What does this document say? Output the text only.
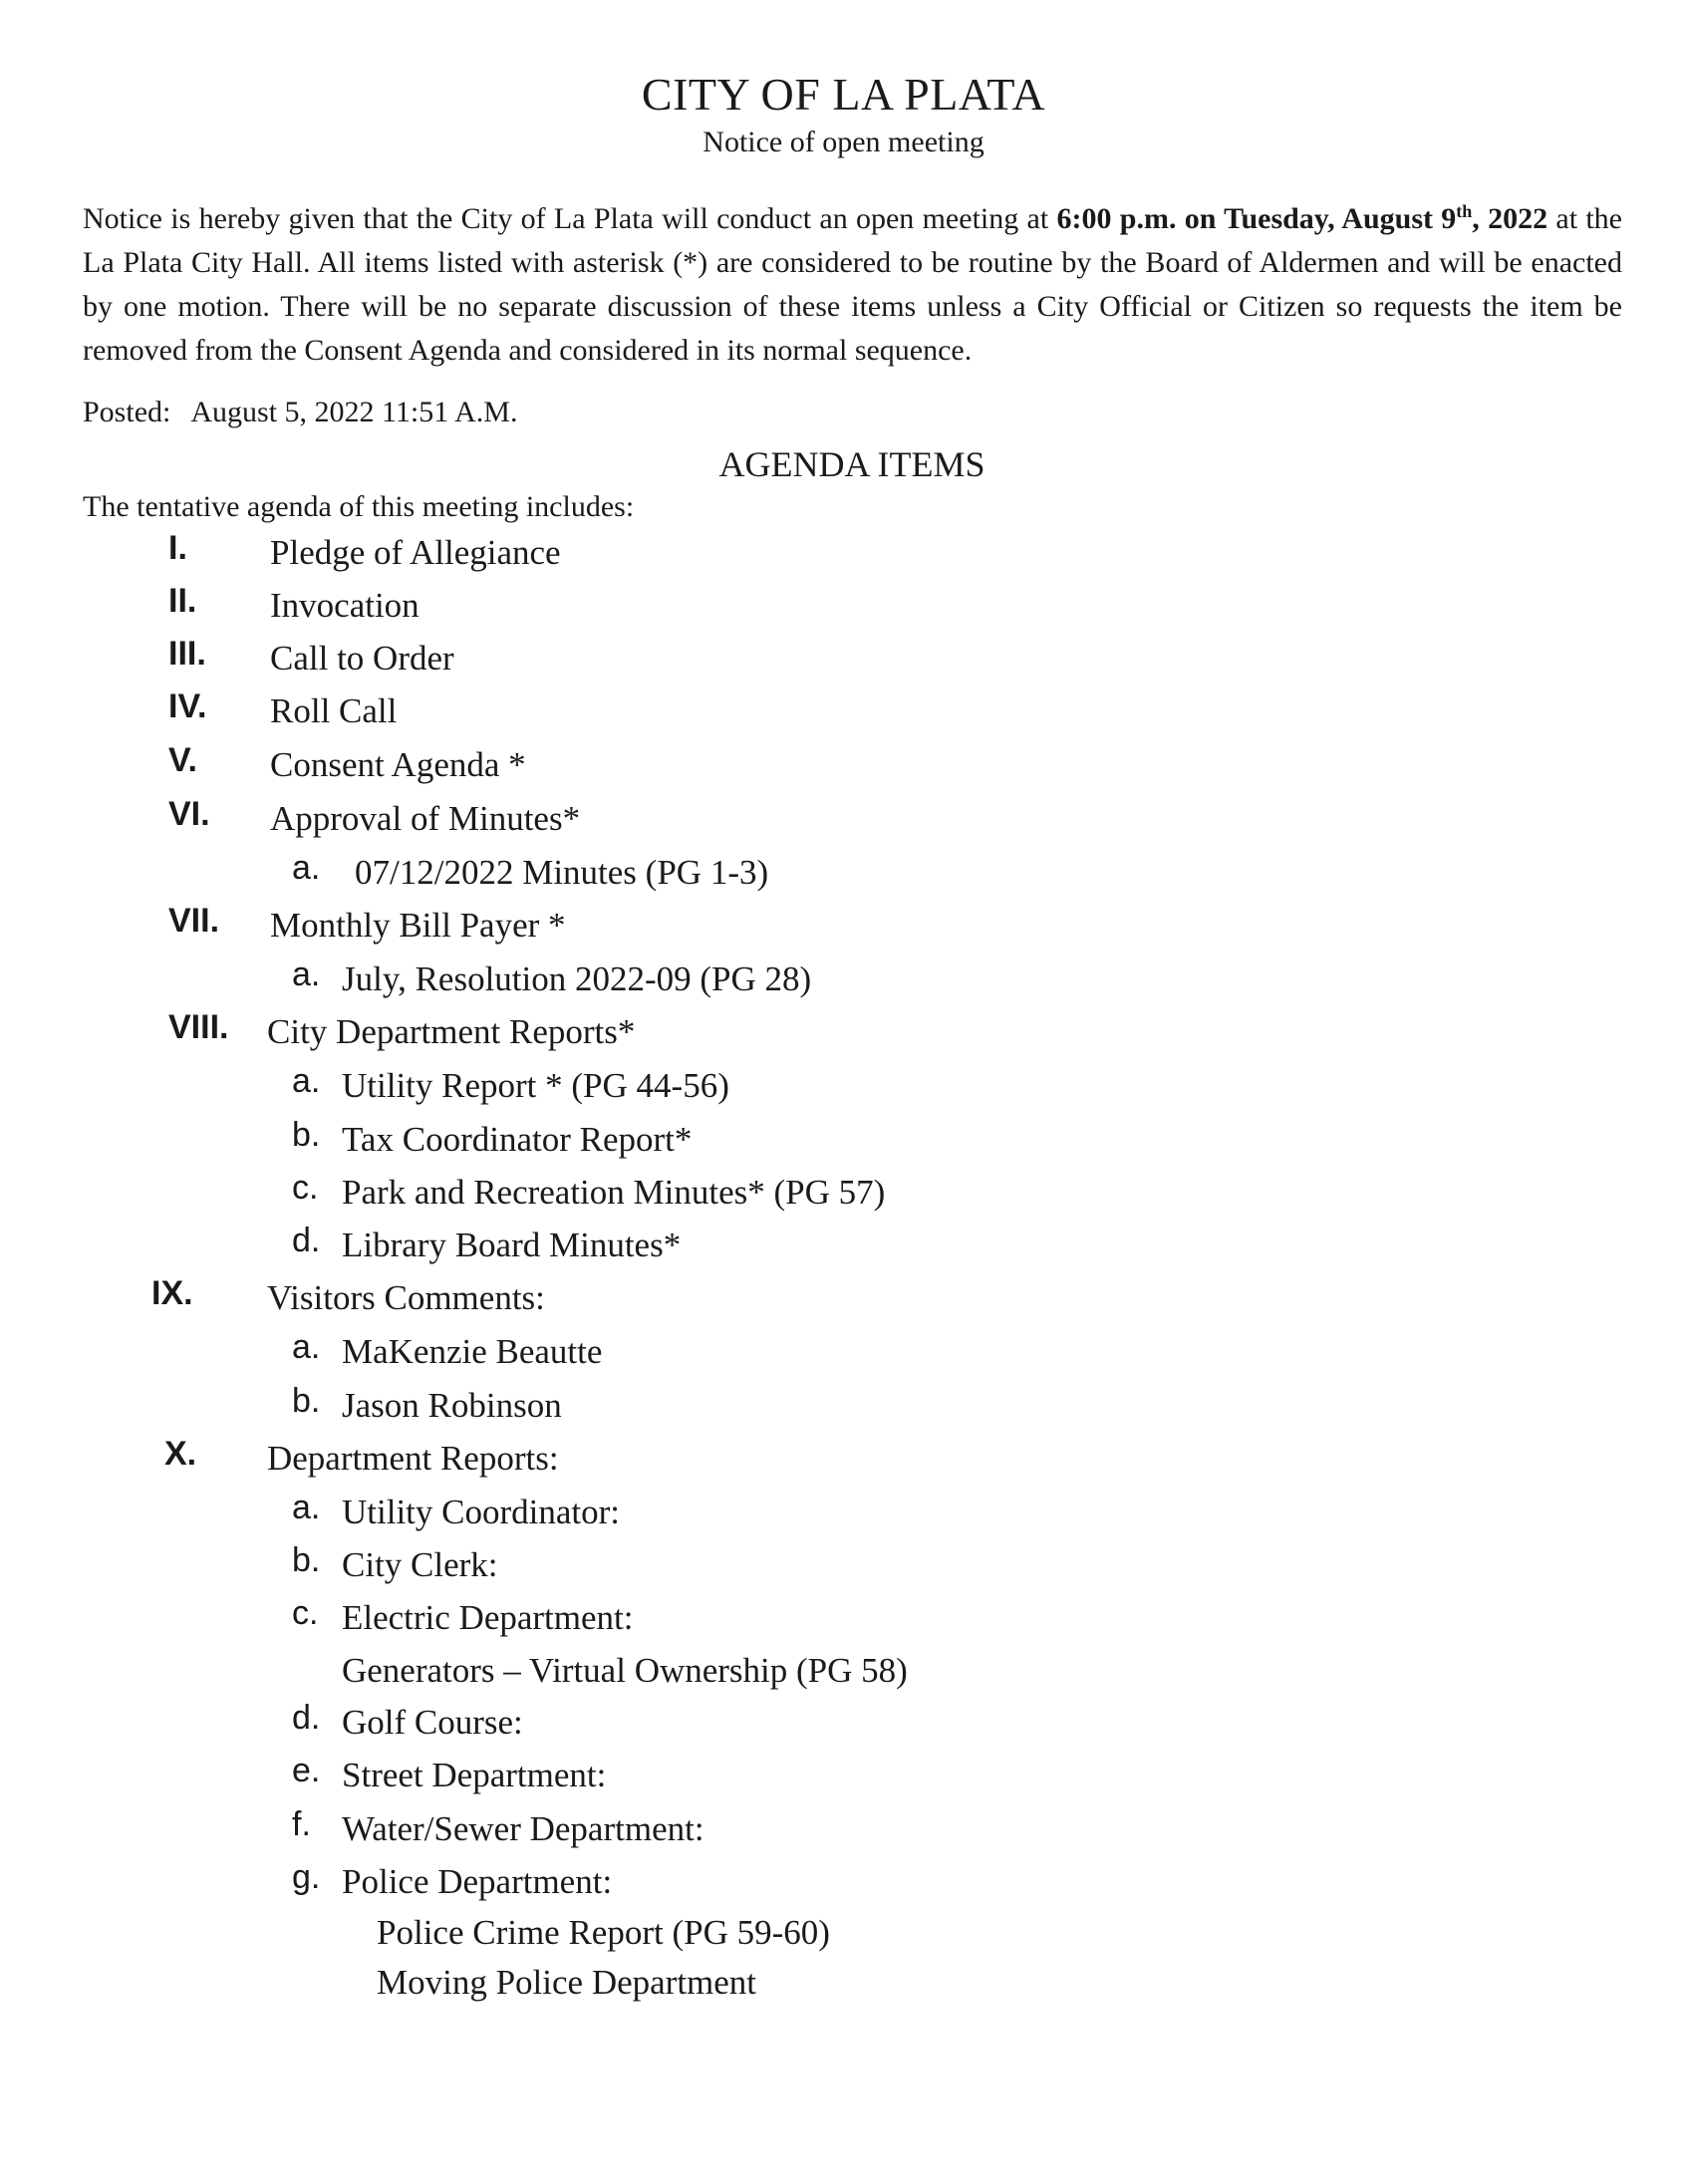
CITY OF LA PLATA
Notice of open meeting

Notice is hereby given that the City of La Plata will conduct an open meeting at 6:00 p.m. on Tuesday, August 9th, 2022 at the La Plata City Hall. All items listed with asterisk (*) are considered to be routine by the Board of Aldermen and will be enacted by one motion. There will be no separate discussion of these items unless a City Official or Citizen so requests the item be removed from the Consent Agenda and considered in its normal sequence.

Posted: August 5, 2022 11:51 A.M.
AGENDA ITEMS
The tentative agenda of this meeting includes:
I. Pledge of Allegiance
II. Invocation
III. Call to Order
IV. Roll Call
V. Consent Agenda *
VI. Approval of Minutes*
a. 07/12/2022 Minutes (PG 1-3)
VII. Monthly Bill Payer *
a. July, Resolution 2022-09 (PG 28)
VIII. City Department Reports*
a. Utility Report * (PG 44-56)
b. Tax Coordinator Report*
c. Park and Recreation Minutes* (PG 57)
d. Library Board Minutes*
IX. Visitors Comments:
a. MaKenzie Beautte
b. Jason Robinson
X. Department Reports:
a. Utility Coordinator:
b. City Clerk:
c. Electric Department:
Generators – Virtual Ownership (PG 58)
d. Golf Course:
e. Street Department:
f. Water/Sewer Department:
g. Police Department:
Police Crime Report (PG 59-60)
Moving Police Department
